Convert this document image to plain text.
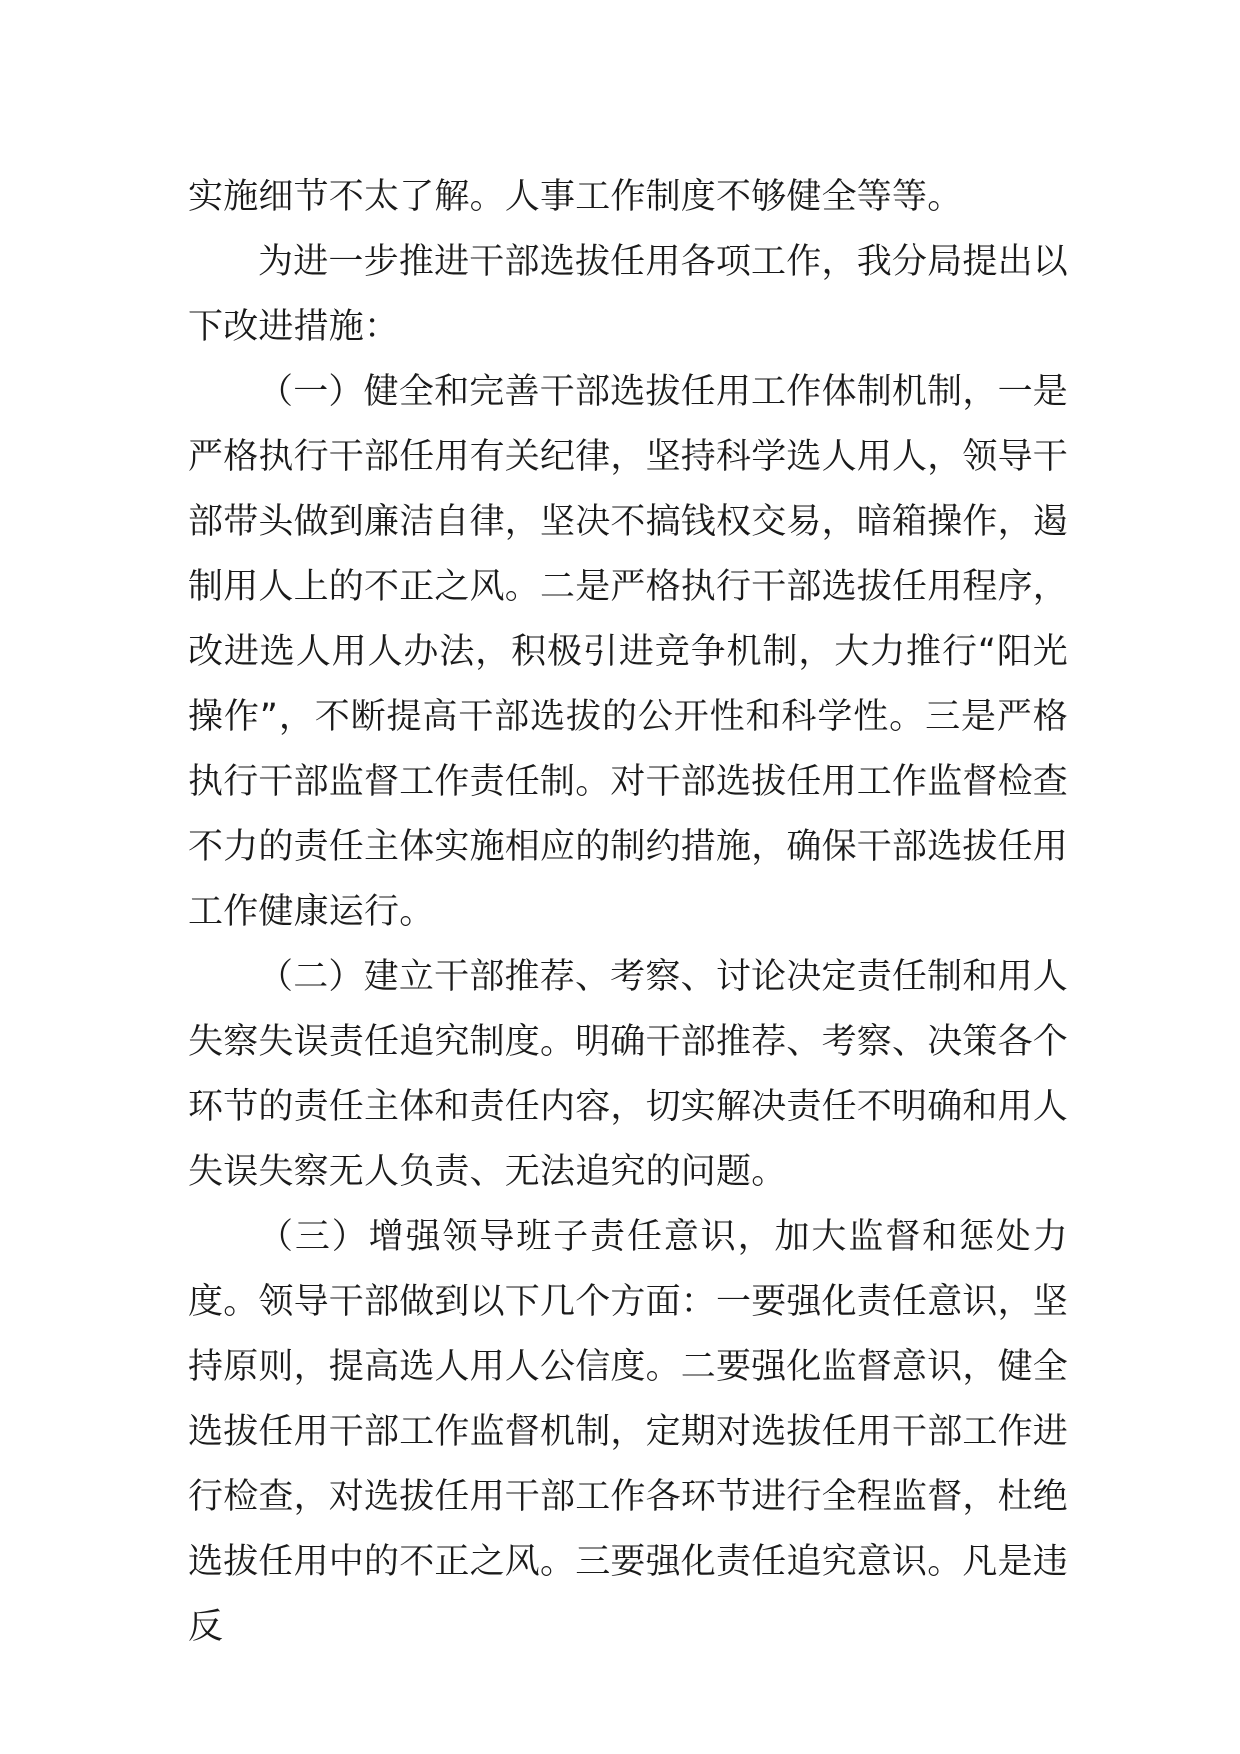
实施细节不太了解。人事工作制度不够健全等等。

为进一步推进干部选拔任用各项工作，我分局提出以下改进措施：

（一）健全和完善干部选拔任用工作体制机制，一是严格执行干部任用有关纪律，坚持科学选人用人，领导干部带头做到廉洁自律，坚决不搞钱权交易，暗箱操作，遏制用人上的不正之风。二是严格执行干部选拔任用程序，改进选人用人办法，积极引进竞争机制，大力推行“阳光操作”，不断提高干部选拔的公开性和科学性。三是严格执行干部监督工作责任制。对干部选拔任用工作监督检查不力的责任主体实施相应的制约措施，确保干部选拔任用工作健康运行。

（二）建立干部推荐、考察、讨论决定责任制和用人失察失误责任追究制度。明确干部推荐、考察、决策各个环节的责任主体和责任内容，切实解决责任不明确和用人失误失察无人负责、无法追究的问题。

（三）增强领导班子责任意识，加大监督和惩处力度。领导干部做到以下几个方面：一要强化责任意识，坚持原则，提高选人用人公信度。二要强化监督意识，健全选拔任用干部工作监督机制，定期对选拔任用干部工作进行检查，对选拔任用干部工作各环节进行全程监督，杜绝选拔任用中的不正之风。三要强化责任追究意识。凡是违反
